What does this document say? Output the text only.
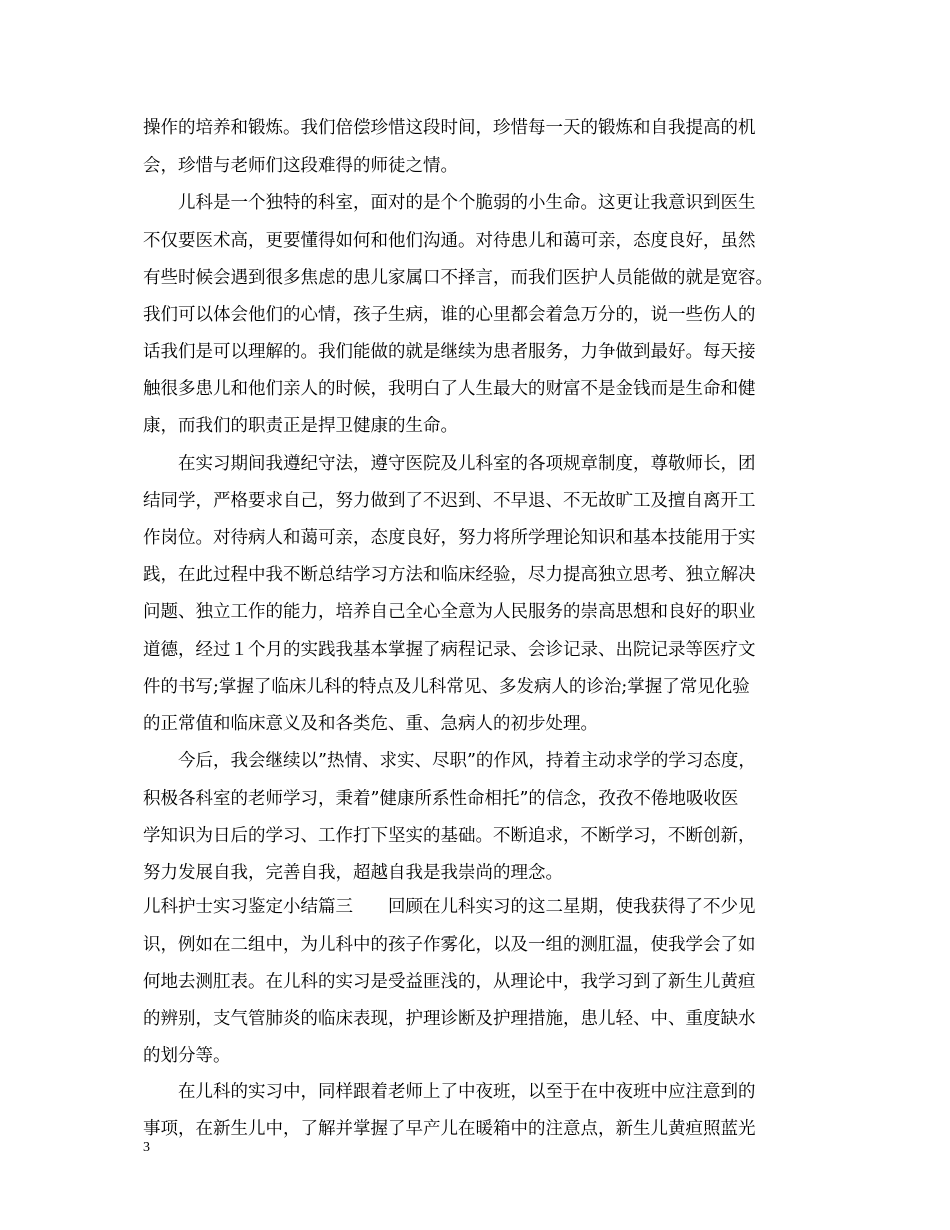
操作的培养和锻炼。我们倍偿珍惜这段时间，珍惜每一天的锻炼和自我提高的机

会，珍惜与老师们这段难得的师徒之情。

儿科是一个独特的科室，面对的是个个脆弱的小生命。这更让我意识到医生

不仅要医术高，更要懂得如何和他们沟通。对待患儿和蔼可亲，态度良好，虽然

有些时候会遇到很多焦虑的患儿家属口不择言，而我们医护人员能做的就是宽容。

我们可以体会他们的心情，孩子生病，谁的心里都会着急万分的，说一些伤人的

话我们是可以理解的。我们能做的就是继续为患者服务，力争做到最好。每天接

触很多患儿和他们亲人的时候，我明白了人生最大的财富不是金钱而是生命和健

康，而我们的职责正是捍卫健康的生命。

在实习期间我遵纪守法，遵守医院及儿科室的各项规章制度，尊敬师长，团

结同学，严格要求自己，努力做到了不迟到、不早退、不无故旷工及擅自离开工

作岗位。对待病人和蔼可亲，态度良好，努力将所学理论知识和基本技能用于实

践，在此过程中我不断总结学习方法和临床经验，尽力提高独立思考、独立解决

问题、独立工作的能力，培养自己全心全意为人民服务的崇高思想和良好的职业

道德，经过１个月的实践我基本掌握了病程记录、会诊记录、出院记录等医疗文

件的书写;掌握了临床儿科的特点及儿科常见、多发病人的诊治;掌握了常见化验

的正常值和临床意义及和各类危、重、急病人的初步处理。

今后，我会继续以”热情、求实、尽职”的作风，持着主动求学的学习态度，

积极各科室的老师学习，秉着”健康所系性命相托”的信念，孜孜不倦地吸收医

学知识为日后的学习、工作打下坚实的基础。不断追求，不断学习，不断创新，

努力发展自我，完善自我，超越自我是我崇尚的理念。

儿科护士实习鉴定小结篇三　　回顾在儿科实习的这二星期，使我获得了不少见

识，例如在二组中，为儿科中的孩子作雾化，以及一组的测肛温，使我学会了如

何地去测肛表。在儿科的实习是受益匪浅的，从理论中，我学习到了新生儿黄疸

的辨别，支气管肺炎的临床表现，护理诊断及护理措施，患儿轻、中、重度缺水

的划分等。

在儿科的实习中，同样跟着老师上了中夜班，以至于在中夜班中应注意到的

事项，在新生儿中，了解并掌握了早产儿在暖箱中的注意点，新生儿黄疸照蓝光

3
